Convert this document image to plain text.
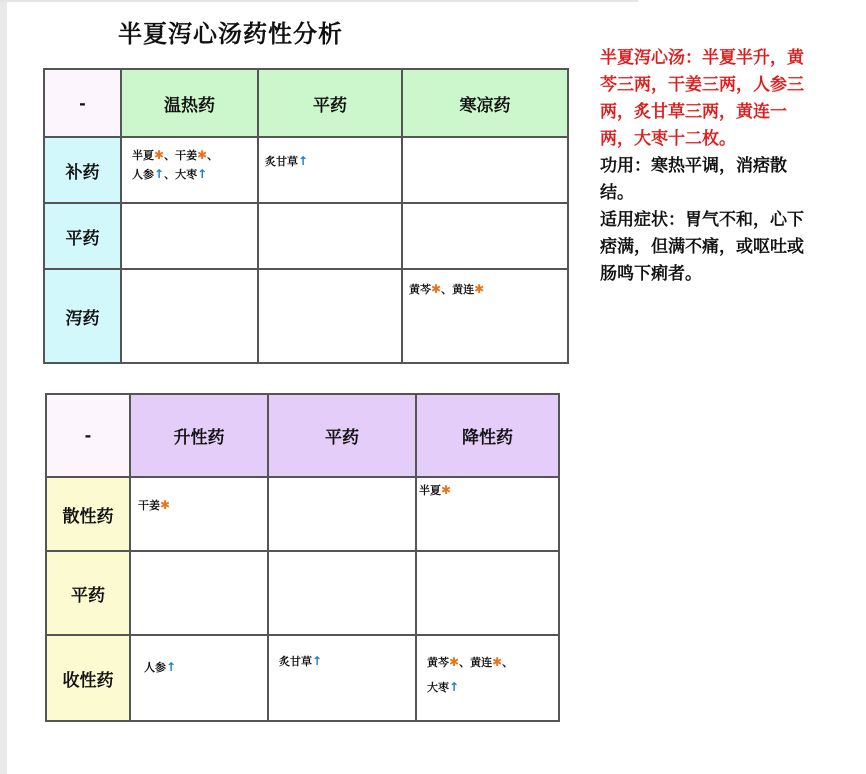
半夏泻心汤药性分析
-	温热药	平药	寒凉药
补药	半夏✱、干姜✱、
人参↑、大枣↑	炙甘草↑	

平药			
泻药			黄芩✱、黄连✱
-	升性药	平药	降性药
散性药	干姜✱		半夏✱

平药			
收性药	人参↑	炙甘草↑	黄芩✱、黄连✱、
大枣↑

半夏泻心汤：半夏半升，黄芩三两，干姜三两，人参三两，炙甘草三两，黄连一两，大枣十二枚。

功用：寒热平调，消痞散结。

适用症状：胃气不和，心下痞满，但满不痛，或呕吐或肠鸣下痢者。
